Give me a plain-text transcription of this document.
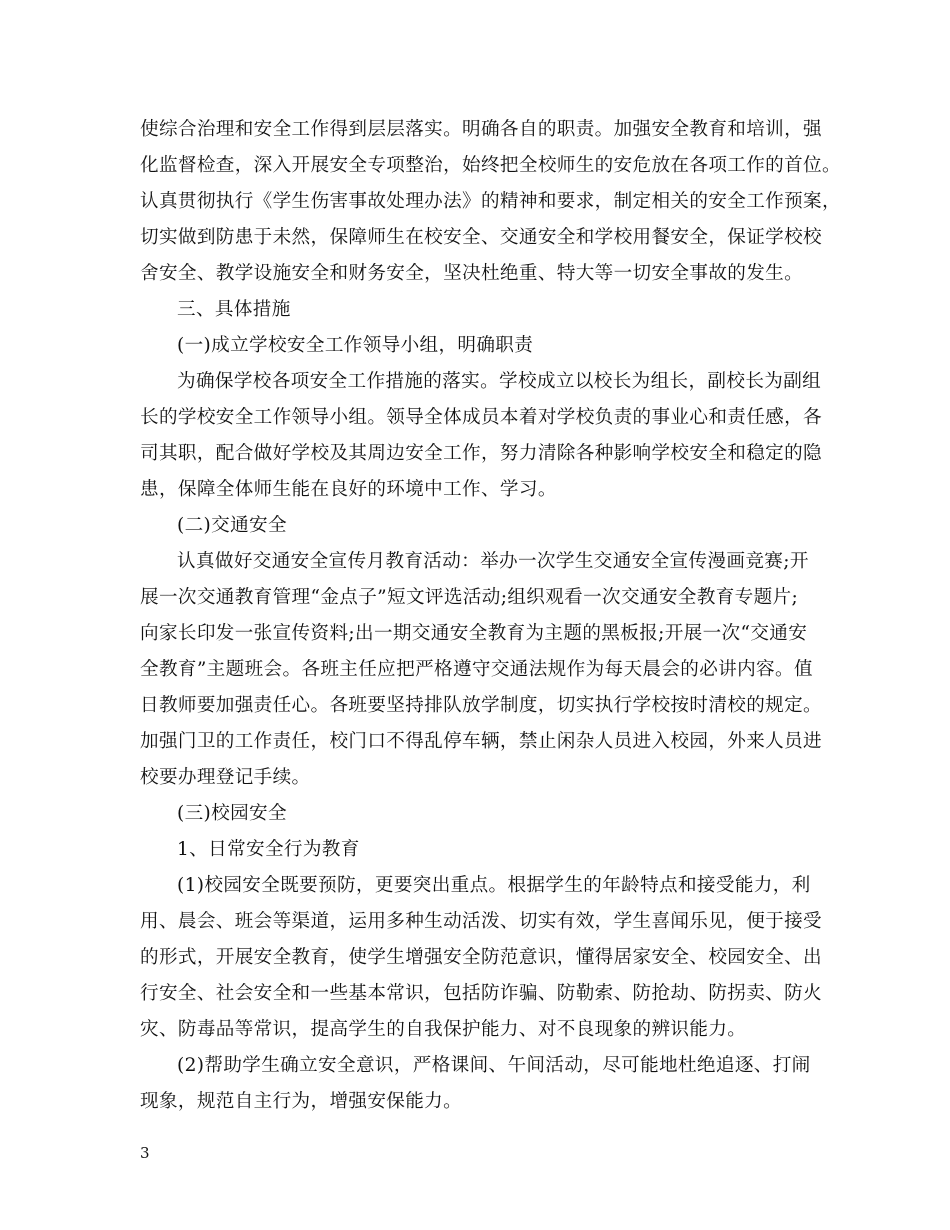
使综合治理和安全工作得到层层落实。明确各自的职责。加强安全教育和培训，强
化监督检查，深入开展安全专项整治，始终把全校师生的安危放在各项工作的首位。
认真贯彻执行《学生伤害事故处理办法》的精神和要求，制定相关的安全工作预案，
切实做到防患于未然，保障师生在校安全、交通安全和学校用餐安全，保证学校校
舍安全、教学设施安全和财务安全，坚决杜绝重、特大等一切安全事故的发生。
三、具体措施
(一)成立学校安全工作领导小组，明确职责
为确保学校各项安全工作措施的落实。学校成立以校长为组长，副校长为副组
长的学校安全工作领导小组。领导全体成员本着对学校负责的事业心和责任感，各
司其职，配合做好学校及其周边安全工作，努力清除各种影响学校安全和稳定的隐
患，保障全体师生能在良好的环境中工作、学习。
(二)交通安全
认真做好交通安全宣传月教育活动：举办一次学生交通安全宣传漫画竞赛;开
展一次交通教育管理“金点子”短文评选活动;组织观看一次交通安全教育专题片;
向家长印发一张宣传资料;出一期交通安全教育为主题的黑板报;开展一次“交通安
全教育”主题班会。各班主任应把严格遵守交通法规作为每天晨会的必讲内容。值
日教师要加强责任心。各班要坚持排队放学制度，切实执行学校按时清校的规定。
加强门卫的工作责任，校门口不得乱停车辆，禁止闲杂人员进入校园，外来人员进
校要办理登记手续。
(三)校园安全
1、日常安全行为教育
(1)校园安全既要预防，更要突出重点。根据学生的年龄特点和接受能力，利
用、晨会、班会等渠道，运用多种生动活泼、切实有效，学生喜闻乐见，便于接受
的形式，开展安全教育，使学生增强安全防范意识，懂得居家安全、校园安全、出
行安全、社会安全和一些基本常识，包括防诈骗、防勒索、防抢劫、防拐卖、防火
灾、防毒品等常识，提高学生的自我保护能力、对不良现象的辨识能力。
(2)帮助学生确立安全意识，严格课间、午间活动，尽可能地杜绝追逐、打闹
现象，规范自主行为，增强安保能力。
3
